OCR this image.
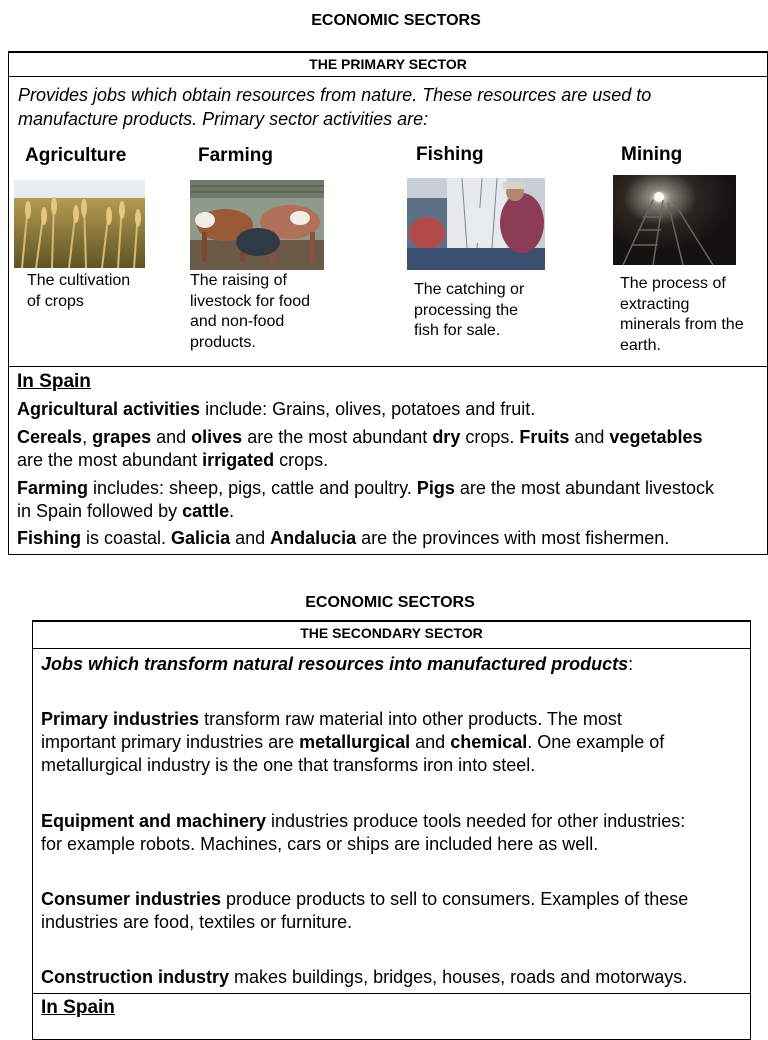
ECONOMIC SECTORS
THE PRIMARY SECTOR
Provides jobs which obtain resources from nature. These resources are used to
manufacture products. Primary sector activities are:
Agriculture	Farming	Fishing	Mining
The cultivation
of crops
The raising of
livestock for food
and non-food
products.
The catching or
processing the
fish for sale.
The process of
extracting
minerals from the
earth.
In Spain
Agricultural activities include: Grains, olives, potatoes and fruit.
Cereals, grapes and olives are the most abundant dry crops. Fruits and vegetables
are the most abundant irrigated crops.
Farming includes: sheep, pigs, cattle and poultry. Pigs are the most abundant livestock
in Spain followed by cattle.
Fishing is coastal. Galicia and Andalucia are the provinces with most fishermen.
ECONOMIC SECTORS
THE SECONDARY SECTOR
Jobs which transform natural resources into manufactured products:
Primary industries transform raw material into other products. The most
important primary industries are metallurgical and chemical. One example of
metallurgical industry is the one that transforms iron into steel.
Equipment and machinery industries produce tools needed for other industries:
for example robots. Machines, cars or ships are included here as well.
Consumer industries produce products to sell to consumers. Examples of these
industries are food, textiles or furniture.
Construction industry makes buildings, bridges, houses, roads and motorways.
In Spain
